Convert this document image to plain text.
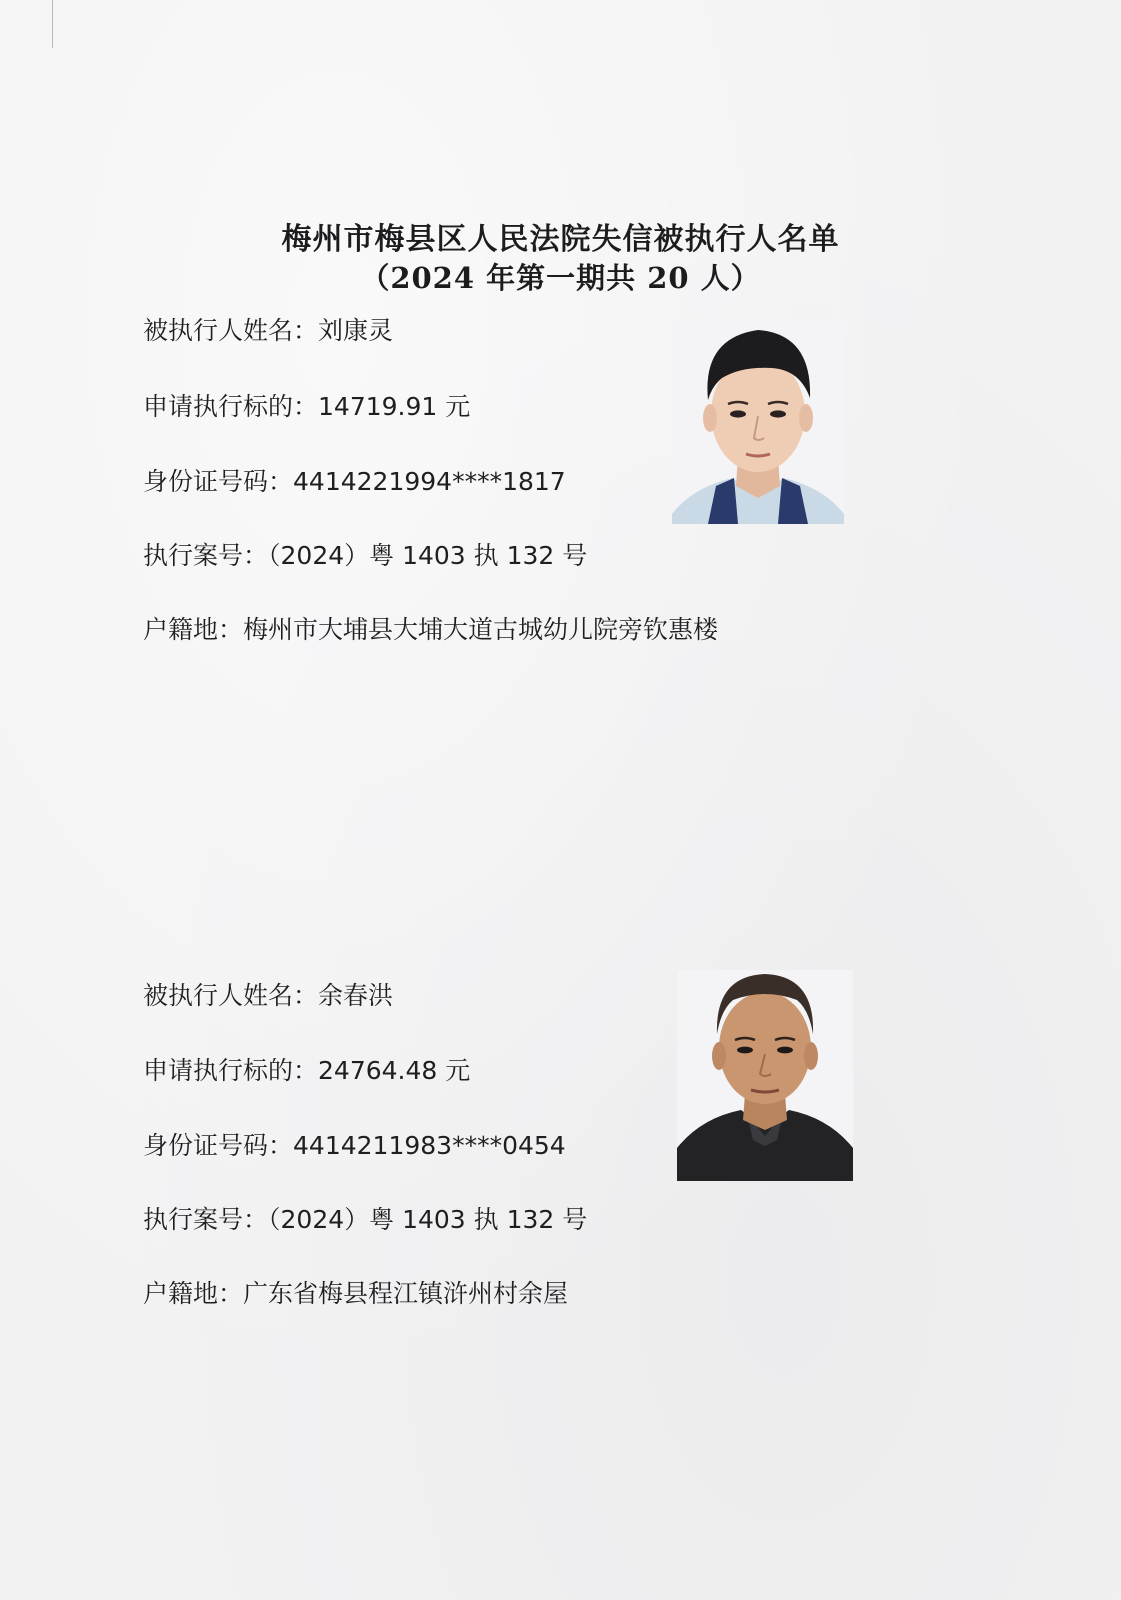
梅州市梅县区人民法院失信被执行人名单
（2024 年第一期共 20 人）
被执行人姓名：刘康灵
申请执行标的：14719.91 元
身份证号码：4414221994****1817
执行案号：（2024）粤 1403 执 132 号
户籍地：梅州市大埔县大埔大道古城幼儿院旁钦惠楼
被执行人姓名：余春洪
申请执行标的：24764.48 元
身份证号码：4414211983****0454
执行案号：（2024）粤 1403 执 132 号
户籍地：广东省梅县程江镇浒州村余屋
